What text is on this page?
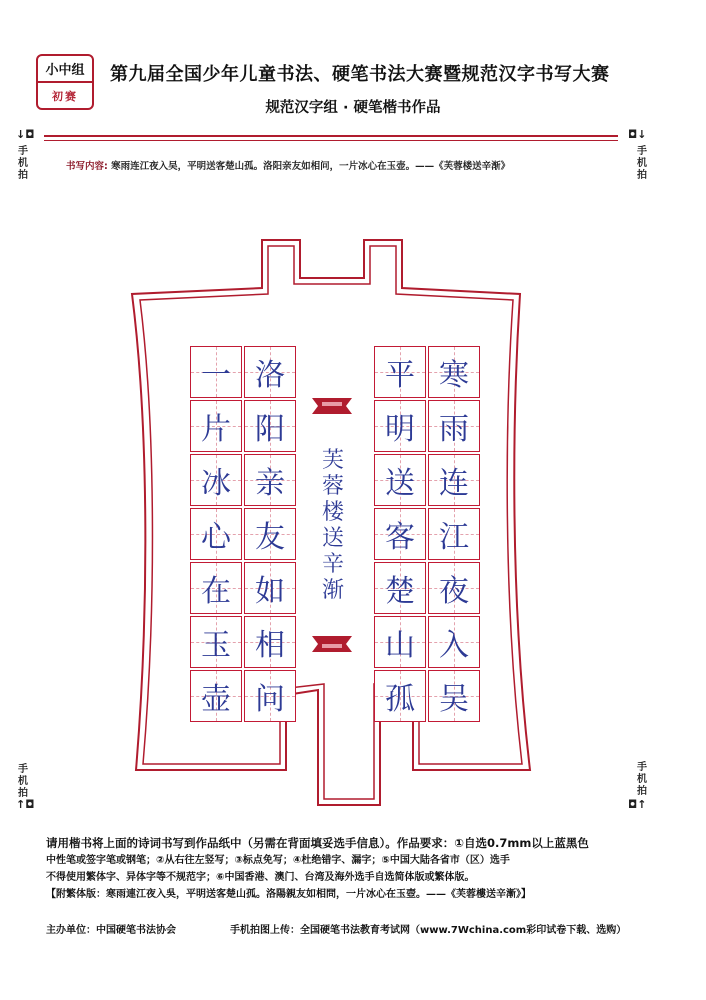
小中组
初赛
第九届全国少年儿童书法、硬笔书法大赛暨规范汉字书写大赛
规范汉字组 · 硬笔楷书作品
↓◘
手机拍
◘↓
手机拍
手机拍
↑◘
手机拍
◘↑
书写内容: 寒雨连江夜入吴，平明送客楚山孤。洛阳亲友如相问，一片冰心在玉壶。——《芙蓉楼送辛渐》
寒
雨
连
江
夜
入
吴
平
明
送
客
楚
山
孤
洛
阳
亲
友
如
相
问
一
片
冰
心
在
玉
壶
芙
蓉
楼
送
辛
渐
请用楷书将上面的诗词书写到作品纸中（另需在背面填妥选手信息）。作品要求：①自选0.7mm以上蓝黑色
中性笔或签字笔或钢笔；②从右往左竖写；③标点免写；④杜绝错字、漏字；⑤中国大陆各省市（区）选手
不得使用繁体字、异体字等不规范字；⑥中国香港、澳门、台湾及海外选手自选简体版或繁体版。
【附繁体版：寒雨連江夜入吳，平明送客楚山孤。洛陽親友如相問，一片冰心在玉壺。——《芙蓉樓送辛漸》】
主办单位：中国硬笔书法协会	手机拍图上传：全国硬笔书法教育考试网（www.7Wchina.com彩印试卷下载、选购）
